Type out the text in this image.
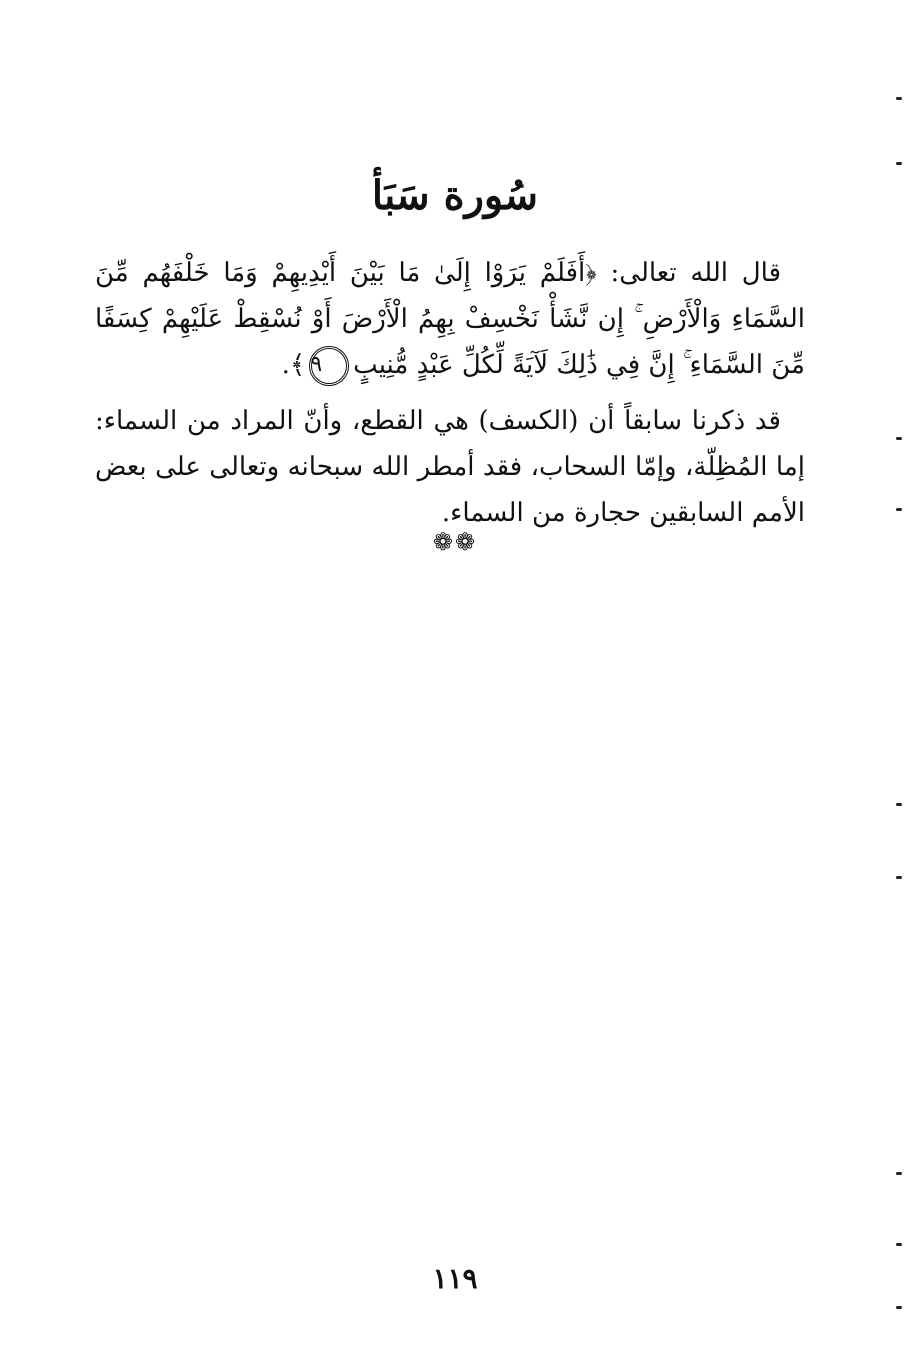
سُورة سَبَأ

قال الله تعالى: ﴿أَفَلَمْ يَرَوْا إِلَىٰ مَا بَيْنَ أَيْدِيهِمْ وَمَا خَلْفَهُم مِّنَ السَّمَاءِ وَالْأَرْضِ ۚ إِن نَّشَأْ نَخْسِفْ بِهِمُ الْأَرْضَ أَوْ نُسْقِطْ عَلَيْهِمْ كِسَفًا مِّنَ السَّمَاءِ ۚ إِنَّ فِي ذَٰلِكَ لَآيَةً لِّكُلِّ عَبْدٍ مُّنِيبٍ٩﴾.

قد ذكرنا سابقاً أن (الكسف) هي القطع، وأنّ المراد من السماء: إما المُظِلّة، وإمّا السحاب، فقد أمطر الله سبحانه وتعالى على بعض الأمم السابقين حجارة من السماء.

❁❁
١١٩
